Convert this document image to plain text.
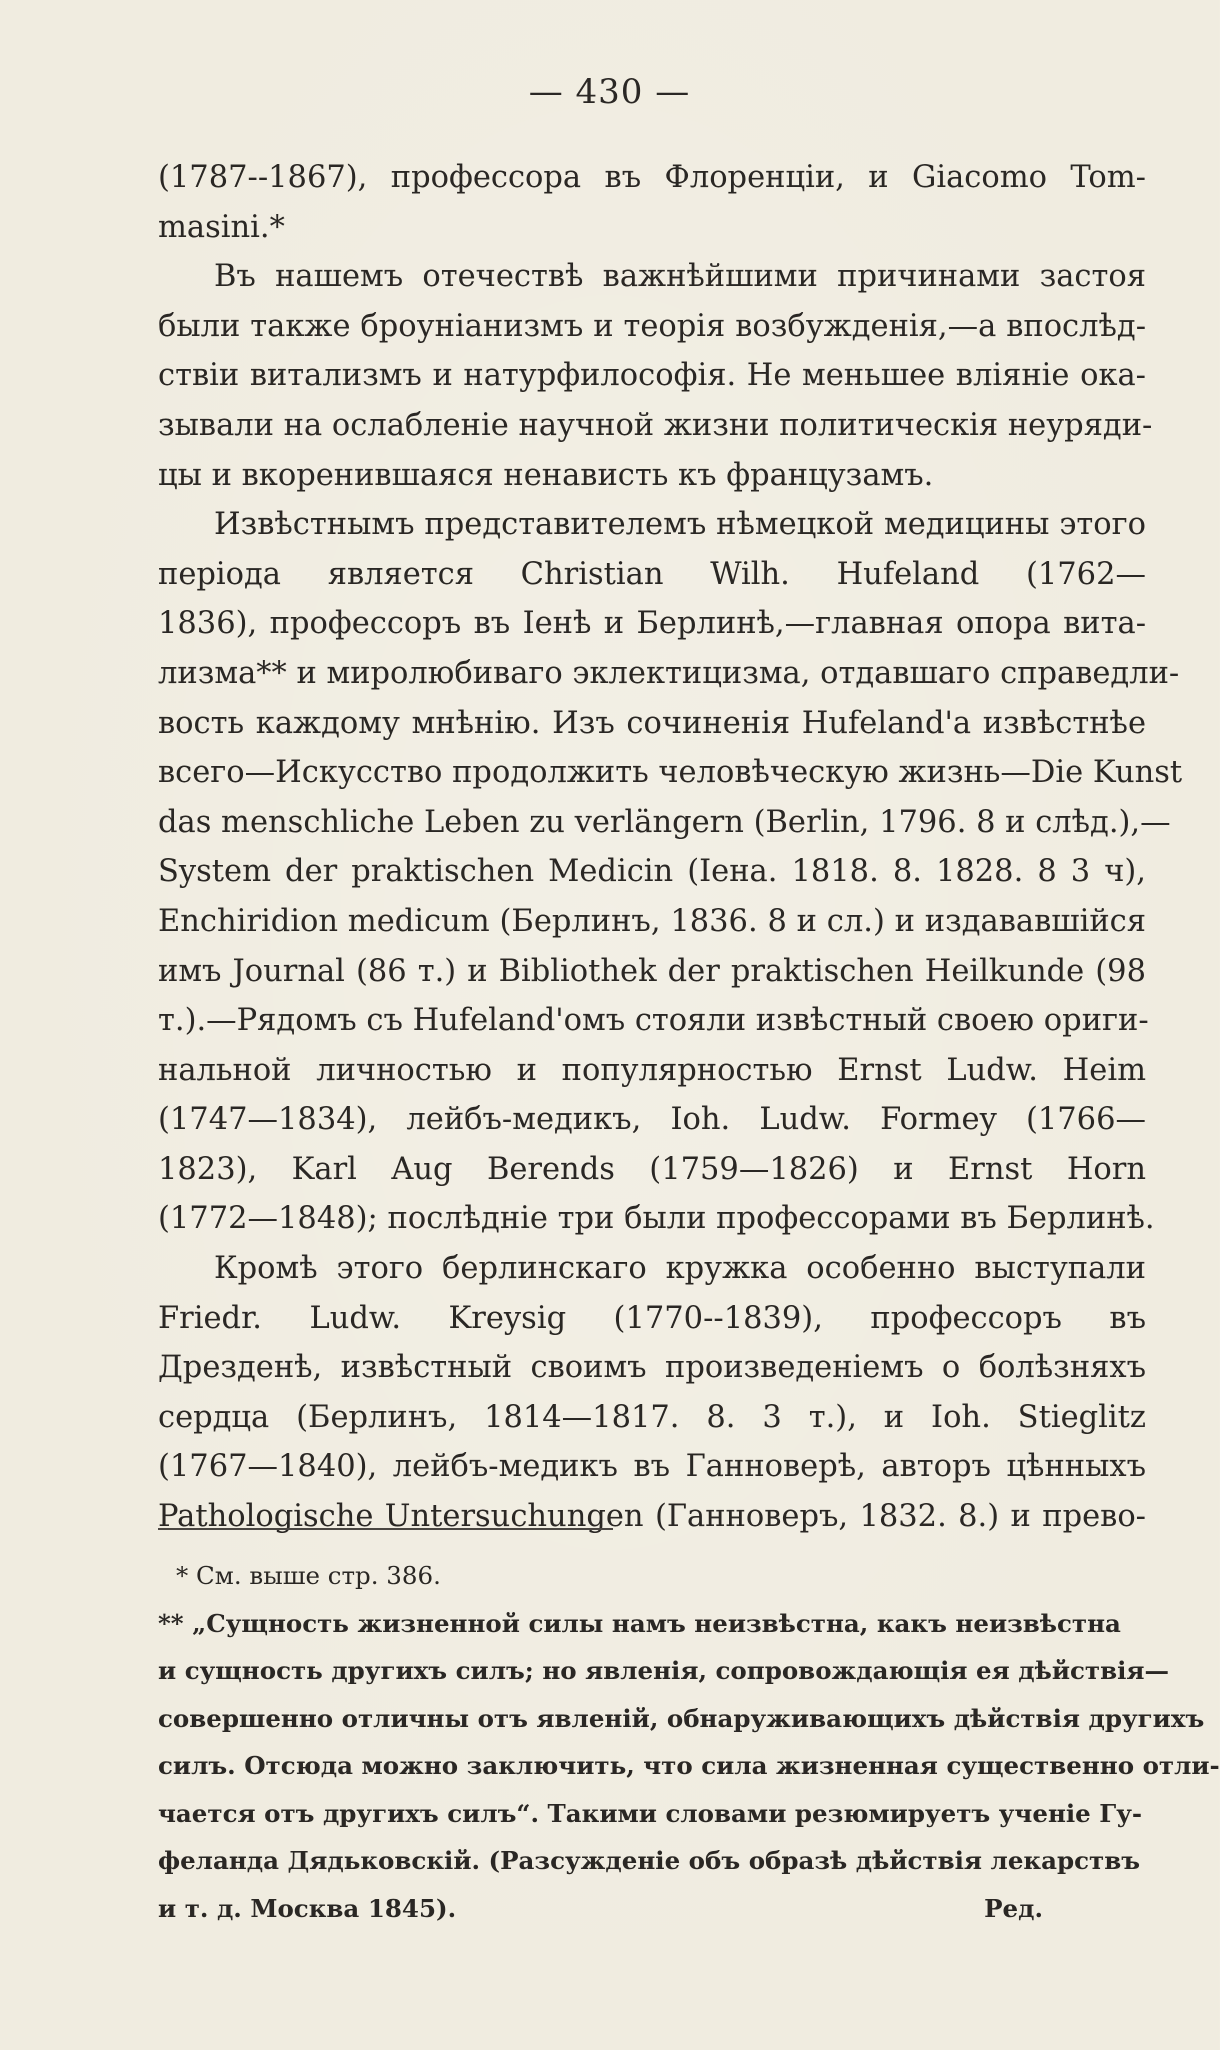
— 430 —
(1787--1867), профессора въ Флоренціи, и Giacomo Tom-
masini.*
Въ нашемъ отечествѣ важнѣйшими причинами застоя
были также броуніанизмъ и теорія возбужденія,—а впослѣд-
ствіи витализмъ и натурфилософія. Не меньшее вліяніе ока-
зывали на ослабленіе научной жизни политическія неуряди-
цы и вкоренившаяся ненависть къ французамъ.
Извѣстнымъ представителемъ нѣмецкой медицины этого
періода является Christian Wilh. Hufeland (1762—
1836), профессоръ въ Іенѣ и Берлинѣ,—главная опора вита-
лизма** и миролюбиваго эклектицизма, отдавшаго справедли-
вость каждому мнѣнію. Изъ сочиненія Hufeland'a извѣстнѣе
всего—Искусство продолжить человѣческую жизнь—Die Kunst
das menschliche Leben zu verlängern (Berlin, 1796. 8 и слѣд.),—
System der praktischen Medicin (Іена. 1818. 8. 1828. 8 3 ч),
Enchiridion medicum (Берлинъ, 1836. 8 и сл.) и издававшійся
имъ Journal (86 т.) и Bibliothek der praktischen Heilkunde (98
т.).—Рядомъ съ Hufeland'омъ стояли извѣстный своею ориги-
нальной личностью и популярностью Ernst Ludw. Heim
(1747—1834), лейбъ-медикъ, Ioh. Ludw. Formey (1766—
1823), Karl Aug Berends (1759—1826) и Ernst Horn
(1772—1848); послѣдніе три были профессорами въ Берлинѣ.
Кромѣ этого берлинскаго кружка особенно выступали
Friedr. Ludw. Kreysig (1770--1839), профессоръ въ
Дрезденѣ, извѣстный своимъ произведеніемъ о болѣзняхъ
сердца (Берлинъ, 1814—1817. 8. 3 т.), и Ioh. Stieglitz
(1767—1840), лейбъ-медикъ въ Ганноверѣ, авторъ цѣнныхъ
Pathologische Untersuchungen (Ганноверъ, 1832. 8.) и прево-
* См. выше стр. 386.
** „Сущность жизненной силы намъ неизвѣстна, какъ неизвѣстна
и сущность другихъ силъ; но явленія, сопровождающія ея дѣйствія—
совершенно отличны отъ явленій, обнаруживающихъ дѣйствія другихъ
силъ. Отсюда можно заключить, что сила жизненная существенно отли-
чается отъ другихъ силъ“. Такими словами резюмируетъ ученіе Гу-
феланда Дядьковскій. (Разсужденіе объ образѣ дѣйствія лекарствъ
и т. д. Москва 1845).	Ред.
